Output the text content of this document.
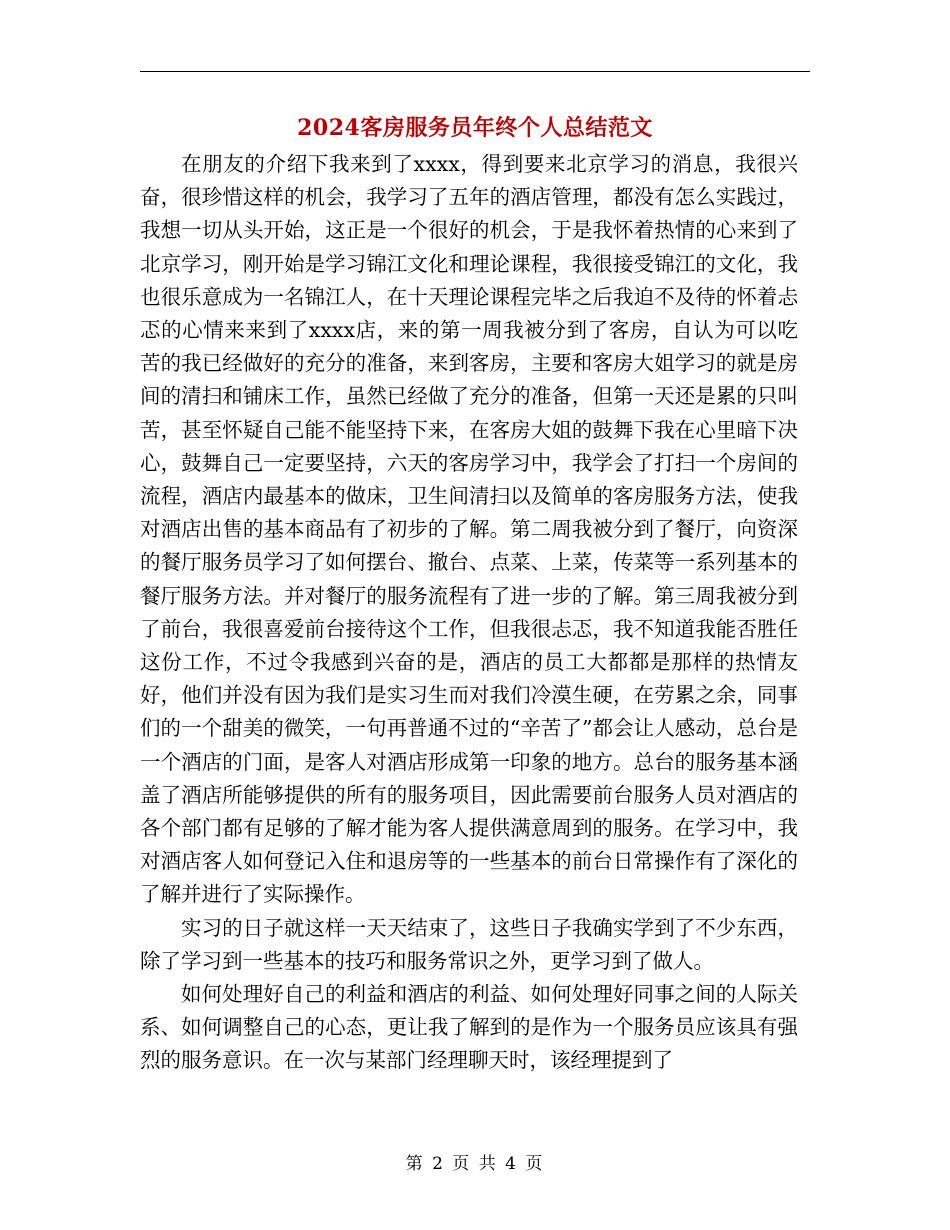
2024客房服务员年终个人总结范文

在朋友的介绍下我来到了xxxx，得到要来北京学习的消息，我很兴奋，很珍惜这样的机会，我学习了五年的酒店管理，都没有怎么实践过，我想一切从头开始，这正是一个很好的机会，于是我怀着热情的心来到了北京学习，刚开始是学习锦江文化和理论课程，我很接受锦江的文化，我也很乐意成为一名锦江人，在十天理论课程完毕之后我迫不及待的怀着忐忑的心情来来到了xxxx店，来的第一周我被分到了客房，自认为可以吃苦的我已经做好的充分的准备，来到客房，主要和客房大姐学习的就是房间的清扫和铺床工作，虽然已经做了充分的准备，但第一天还是累的只叫苦，甚至怀疑自己能不能坚持下来，在客房大姐的鼓舞下我在心里暗下决心，鼓舞自己一定要坚持，六天的客房学习中，我学会了打扫一个房间的流程，酒店内最基本的做床，卫生间清扫以及简单的客房服务方法，使我对酒店出售的基本商品有了初步的了解。第二周我被分到了餐厅，向资深的餐厅服务员学习了如何摆台、撤台、点菜、上菜，传菜等一系列基本的餐厅服务方法。并对餐厅的服务流程有了进一步的了解。第三周我被分到了前台，我很喜爱前台接待这个工作，但我很忐忑，我不知道我能否胜任这份工作，不过令我感到兴奋的是，酒店的员工大都都是那样的热情友好，他们并没有因为我们是实习生而对我们冷漠生硬，在劳累之余，同事们的一个甜美的微笑，一句再普通不过的“辛苦了”都会让人感动，总台是一个酒店的门面，是客人对酒店形成第一印象的地方。总台的服务基本涵盖了酒店所能够提供的所有的服务项目，因此需要前台服务人员对酒店的各个部门都有足够的了解才能为客人提供满意周到的服务。在学习中，我对酒店客人如何登记入住和退房等的一些基本的前台日常操作有了深化的了解并进行了实际操作。

实习的日子就这样一天天结束了，这些日子我确实学到了不少东西，除了学习到一些基本的技巧和服务常识之外，更学习到了做人。

如何处理好自己的利益和酒店的利益、如何处理好同事之间的人际关系、如何调整自己的心态，更让我了解到的是作为一个服务员应该具有强烈的服务意识。在一次与某部门经理聊天时，该经理提到了

第 2 页 共 4 页
